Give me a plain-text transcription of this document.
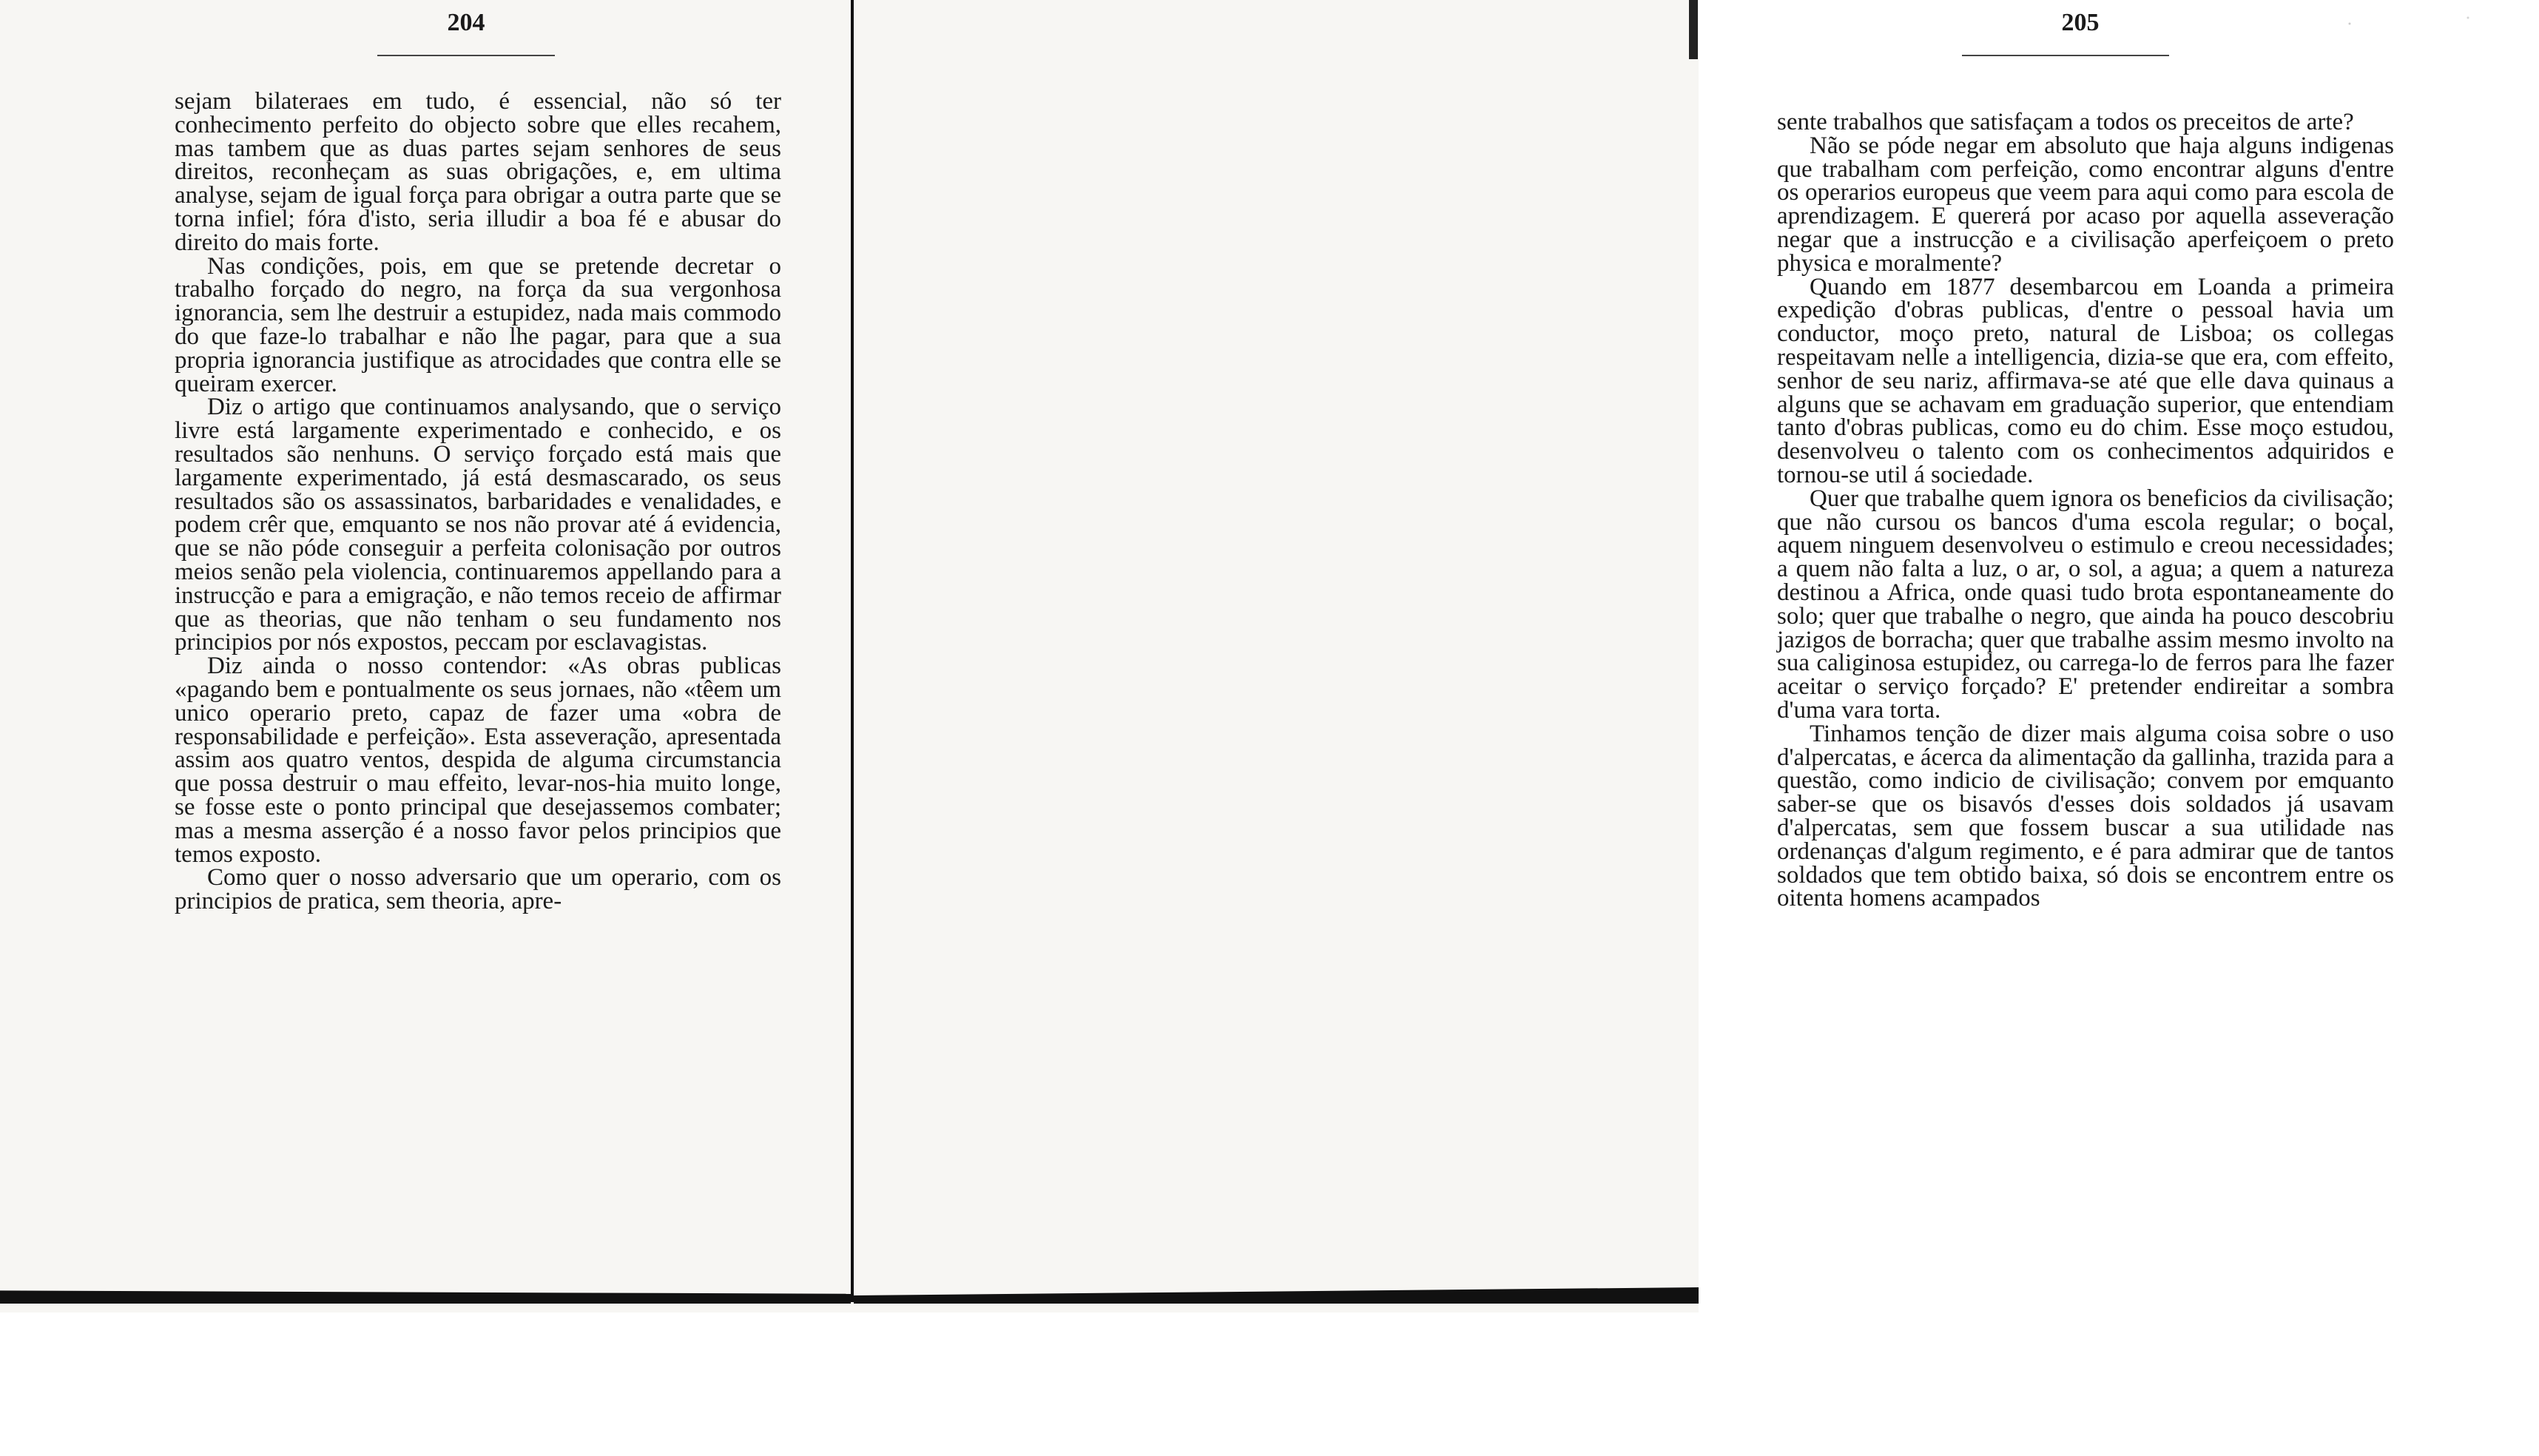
204

sejam bilateraes em tudo, é essencial, não só ter conhecimento perfeito do objecto sobre que elles recahem, mas tambem que as duas partes sejam senhores de seus direitos, reconheçam as suas obrigações, e, em ultima analyse, sejam de igual força para obrigar a outra parte que se torna infiel; fóra d'isto, seria illudir a boa fé e abusar do direito do mais forte.

Nas condições, pois, em que se pretende decretar o trabalho forçado do negro, na força da sua vergonhosa ignorancia, sem lhe destruir a estupidez, nada mais commodo do que faze-lo trabalhar e não lhe pagar, para que a sua propria ignorancia justifique as atrocidades que contra elle se queiram exercer.

Diz o artigo que continuamos analysando, que o serviço livre está largamente experimentado e conhecido, e os resultados são nenhuns. O serviço forçado está mais que largamente experimentado, já está desmascarado, os seus resultados são os assassinatos, barbaridades e venalidades, e podem crêr que, emquanto se nos não provar até á evidencia, que se não póde conseguir a perfeita colonisação por outros meios senão pela violencia, continuaremos appellando para a instrucção e para a emigração, e não temos receio de affirmar que as theorias, que não tenham o seu fundamento nos principios por nós expostos, peccam por esclavagistas.

Diz ainda o nosso contendor: «As obras publicas «pagando bem e pontualmente os seus jornaes, não «têem um unico operario preto, capaz de fazer uma «obra de responsabilidade e perfeição». Esta asseveração, apresentada assim aos quatro ventos, despida de alguma circumstancia que possa destruir o mau effeito, levar-nos-hia muito longe, se fosse este o ponto principal que desejassemos combater; mas a mesma asserção é a nosso favor pelos principios que temos exposto.

Como quer o nosso adversario que um operario, com os principios de pratica, sem theoria, apre-

205

sente trabalhos que satisfaçam a todos os preceitos de arte?

Não se póde negar em absoluto que haja alguns indigenas que trabalham com perfeição, como encontrar alguns d'entre os operarios europeus que veem para aqui como para escola de aprendizagem. E quererá por acaso por aquella asseveração negar que a instrucção e a civilisação aperfeiçoem o preto physica e moralmente?

Quando em 1877 desembarcou em Loanda a primeira expedição d'obras publicas, d'entre o pessoal havia um conductor, moço preto, natural de Lisboa; os collegas respeitavam nelle a intelligencia, dizia-se que era, com effeito, senhor de seu nariz, affirmava-se até que elle dava quinaus a alguns que se achavam em graduação superior, que entendiam tanto d'obras publicas, como eu do chim. Esse moço estudou, desenvolveu o talento com os conhecimentos adquiridos e tornou-se util á sociedade.

Quer que trabalhe quem ignora os beneficios da civilisação; que não cursou os bancos d'uma escola regular; o boçal, aquem ninguem desenvolveu o estimulo e creou necessidades; a quem não falta a luz, o ar, o sol, a agua; a quem a natureza destinou a Africa, onde quasi tudo brota espontaneamente do solo; quer que trabalhe o negro, que ainda ha pouco descobriu jazigos de borracha; quer que trabalhe assim mesmo involto na sua caliginosa estupidez, ou carrega-lo de ferros para lhe fazer aceitar o serviço forçado? E' pretender endireitar a sombra d'uma vara torta.

Tinhamos tenção de dizer mais alguma coisa sobre o uso d'alpercatas, e ácerca da alimentação da gallinha, trazida para a questão, como indicio de civilisação; convem por emquanto saber-se que os bisavós d'esses dois soldados já usavam d'alpercatas, sem que fossem buscar a sua utilidade nas ordenanças d'algum regimento, e é para admirar que de tantos soldados que tem obtido baixa, só dois se encontrem entre os oitenta homens acampados
